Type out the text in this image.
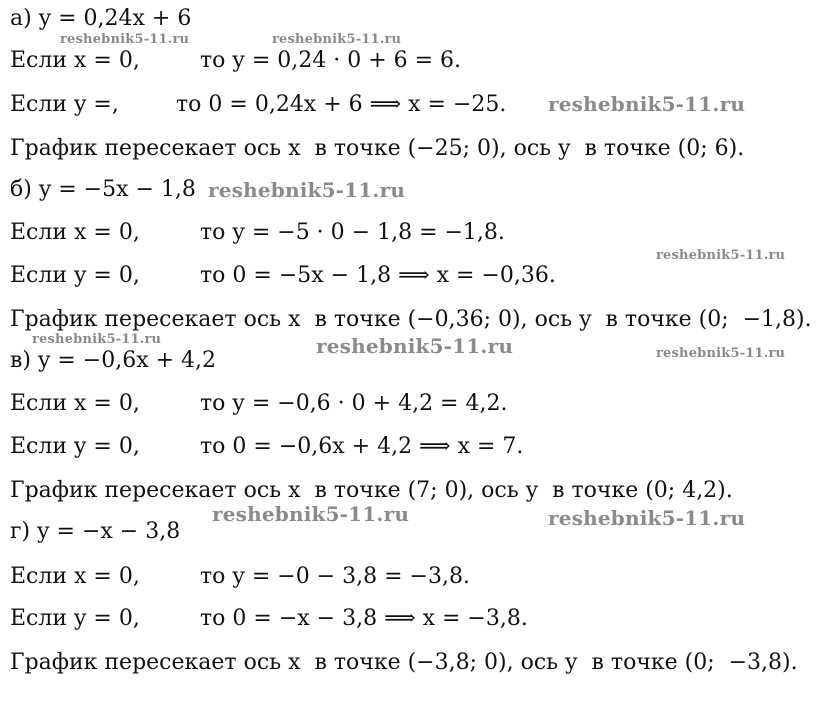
а) y = 0,24x + 6
Если x = 0,	то y = 0,24 · 0 + 6 = 6.
Если y =,	то 0 = 0,24x + 6 ⟹ x = −25.
График пересекает ось x  в точке (−25; 0), ось y  в точке (0; 6).
б) y = −5x − 1,8
Если x = 0,	то y = −5 · 0 − 1,8 = −1,8.
Если y = 0,	то 0 = −5x − 1,8 ⟹ x = −0,36.
График пересекает ось x  в точке (−0,36; 0), ось y  в точке (0;  −1,8).
в) y = −0,6x + 4,2
Если x = 0,	то y = −0,6 · 0 + 4,2 = 4,2.
Если y = 0,	то 0 = −0,6x + 4,2 ⟹ x = 7.
График пересекает ось x  в точке (7; 0), ось y  в точке (0; 4,2).
г) y = −x − 3,8
Если x = 0,	то y = −0 − 3,8 = −3,8.
Если y = 0,	то 0 = −x − 3,8 ⟹ x = −3,8.
График пересекает ось x  в точке (−3,8; 0), ось y  в точке (0;  −3,8).
reshebnik5-11.ru	reshebnik5-11.ru
reshebnik5-11.ru
reshebnik5-11.ru
reshebnik5-11.ru
reshebnik5-11.ru	reshebnik5-11.ru	reshebnik5-11.ru
reshebnik5-11.ru	reshebnik5-11.ru
